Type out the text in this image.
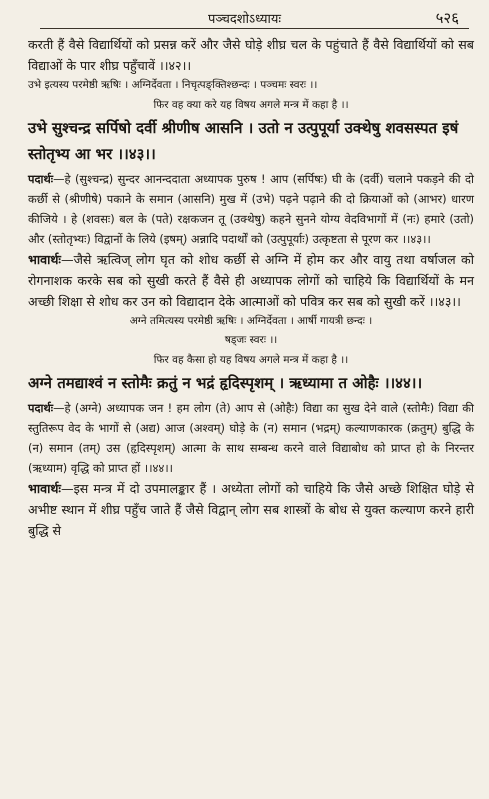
पञ्चदशोऽध्यायः	५२६

करती हैं वैसे विद्यार्थियों को प्रसन्न करें और जैसे घोड़े शीघ्र चल के पहुंचाते हैं वैसे विद्यार्थियों को सब विद्याओं के पार शीघ्र पहुँचावें ।।४२।।

उभे इत्यस्य परमेष्ठी ऋषिः । अग्निर्देवता । निचृत्पङ्क्तिश्छन्दः । पञ्चमः स्वरः ।।

फिर वह क्या करे यह विषय अगले मन्त्र में कहा है ।।

उभे सुश्चन्द्र सर्पिषो दर्वी श्रीणीष आसनि । उतो न उत्पुपूर्या उक्थेषु शवसस्पत इषं स्तोतृभ्य आ भर ।।४३।।

पदार्थः—हे (सुश्चन्द्र) सुन्दर आनन्ददाता अध्यापक पुरुष ! आप (सर्पिषः) घी के (दर्वी) चलाने पकड़ने की दो कर्छी से (श्रीणीषे) पकाने के समान (आसनि) मुख में (उभे) पढ़ने पढ़ाने की दो क्रियाओं को (आभर) धारण कीजिये । हे (शवसः) बल के (पते) रक्षकजन तू (उक्थेषु) कहने सुनने योग्य वेदविभागों में (नः) हमारे (उतो) और (स्तोतृभ्यः) विद्वानों के लिये (इषम्) अन्नादि पदार्थों को (उत्पुपूर्याः) उत्कृष्टता से पूरण कर ।।४३।।

भावार्थः—जैसे ऋत्विज् लोग घृत को शोध कर्छी से अग्नि में होम कर और वायु तथा वर्षाजल को रोगनाशक करके सब को सुखी करते हैं वैसे ही अध्यापक लोगों को चाहिये कि विद्यार्थियों के मन अच्छी शिक्षा से शोध कर उन को विद्यादान देके आत्माओं को पवित्र कर सब को सुखी करें ।।४३।।

अग्ने तमित्यस्य परमेष्ठी ऋषिः । अग्निर्देवता । आर्षी गायत्री छन्दः ।

षड्जः स्वरः ।।

फिर वह कैसा हो यह विषय अगले मन्त्र में कहा है ।।

अग्ने तमद्याश्वं न स्तोमैः क्रतुं न भद्रं हृदिस्पृशम् । ऋध्यामा त ओहैः ।।४४।।

पदार्थः—हे (अग्ने) अध्यापक जन ! हम लोग (ते) आप से (ओहैः) विद्या का सुख देने वाले (स्तोमैः) विद्या की स्तुतिरूप वेद के भागों से (अद्य) आज (अश्वम्) घोड़े के (न) समान (भद्रम्) कल्याणकारक (क्रतुम्) बुद्धि के (न) समान (तम्) उस (हृदिस्पृशम्) आत्मा के साथ सम्बन्ध करने वाले विद्याबोध को प्राप्त हो के निरन्तर (ऋध्याम) वृद्धि को प्राप्त हों ।।४४।।

भावार्थः—इस मन्त्र में दो उपमालङ्कार हैं । अध्येता लोगों को चाहिये कि जैसे अच्छे शिक्षित घोड़े से अभीष्ट स्थान में शीघ्र पहुँच जाते हैं जैसे विद्वान् लोग सब शास्त्रों के बोध से युक्त कल्याण करने हारी बुद्धि से
